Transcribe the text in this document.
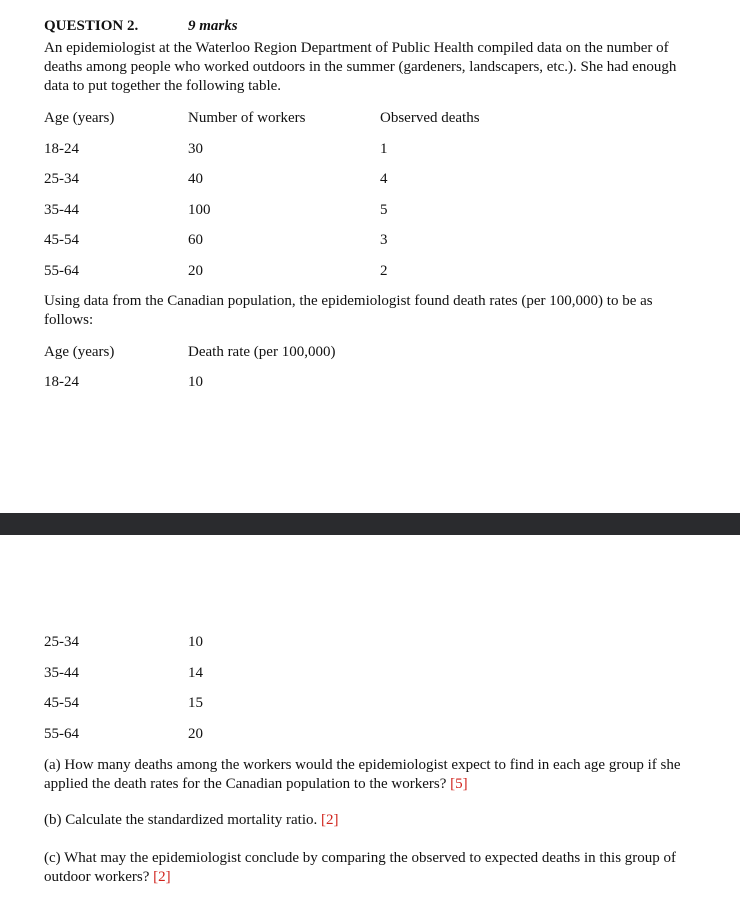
QUESTION 2.	9 marks
An epidemiologist at the Waterloo Region Department of Public Health compiled data on the number of deaths among people who worked outdoors in the summer (gardeners, landscapers, etc.). She had enough data to put together the following table.
Age (years)	Number of workers	Observed deaths
18-24	30	1
25-34	40	4
35-44	100	5
45-54	60	3
55-64	20	2
Using data from the Canadian population, the epidemiologist found death rates (per 100,000) to be as follows:
Age (years)	Death rate (per 100,000)
18-24	10
25-34	10
35-44	14
45-54	15
55-64	20
(a) How many deaths among the workers would the epidemiologist expect to find in each age group if she applied the death rates for the Canadian population to the workers? [5]
(b) Calculate the standardized mortality ratio. [2]
(c) What may the epidemiologist conclude by comparing the observed to expected deaths in this group of outdoor workers? [2]
